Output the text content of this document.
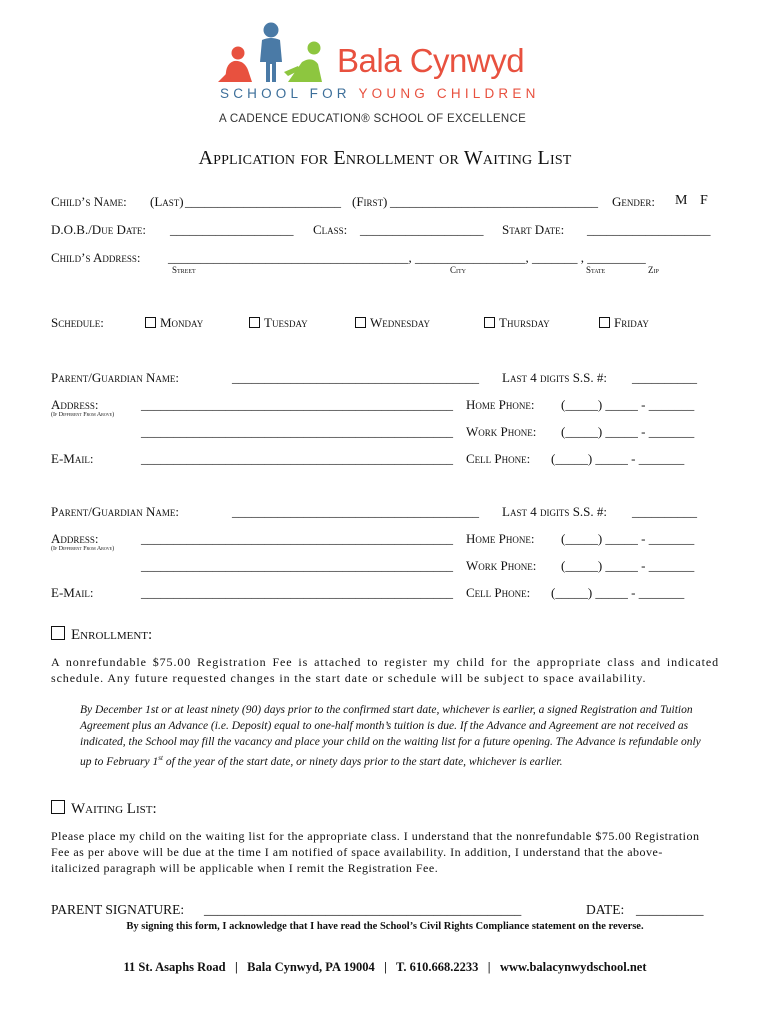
Bala Cynwyd
SCHOOL FOR YOUNG CHILDREN
A CADENCE EDUCATION® SCHOOL OF EXCELLENCE
Application for Enrollment or Waiting List
Child’s Name: (Last) ________________________ (First) ________________________________ Gender: M F
D.O.B./Due Date: ___________________ Class: ___________________ Start Date: ___________________
Child’s Address: _____________________________________, _________________, _______ , _________
Street	City	State	Zip
Schedule:	Monday	Tuesday	Wednesday	Thursday	Friday
Parent/Guardian Name:	______________________________________ Last 4 digits S.S. #: __________
Address:
(If Different From Above)
________________________________________________ Home Phone: (_____) _____ - _______
________________________________________________ Work Phone: (_____) _____ - _______
E-Mail:	________________________________________________ Cell Phone: (_____) _____ - _______
Parent/Guardian Name:	______________________________________ Last 4 digits S.S. #: __________
Address:
(If Different From Above)
________________________________________________ Home Phone: (_____) _____ - _______
________________________________________________ Work Phone: (_____) _____ - _______
E-Mail:	________________________________________________ Cell Phone: (_____) _____ - _______
Enrollment:
A nonrefundable $75.00 Registration Fee is attached to register my child for the appropriate class and indicated schedule. Any future requested changes in the start date or schedule will be subject to space availability.
By December 1st or at least ninety (90) days prior to the confirmed start date, whichever is earlier, a signed Registration and Tuition Agreement plus an Advance (i.e. Deposit) equal to one-half month’s tuition is due. If the Advance and Agreement are not received as indicated, the School may fill the vacancy and place your child on the waiting list for a future opening. The Advance is refundable only up to February 1st of the year of the start date, or ninety days prior to the start date, whichever is earlier.
Waiting List:
Please place my child on the waiting list for the appropriate class. I understand that the nonrefundable $75.00 Registration Fee as per above will be due at the time I am notified of space availability. In addition, I understand that the above-italicized paragraph will be applicable when I remit the Registration Fee.
PARENT SIGNATURE: _______________________________________________	DATE: __________
By signing this form, I acknowledge that I have read the School’s Civil Rights Compliance statement on the reverse.
11 St. Asaphs Road   |   Bala Cynwyd, PA 19004   |   T. 610.668.2233   |   www.balacynwydschool.net
